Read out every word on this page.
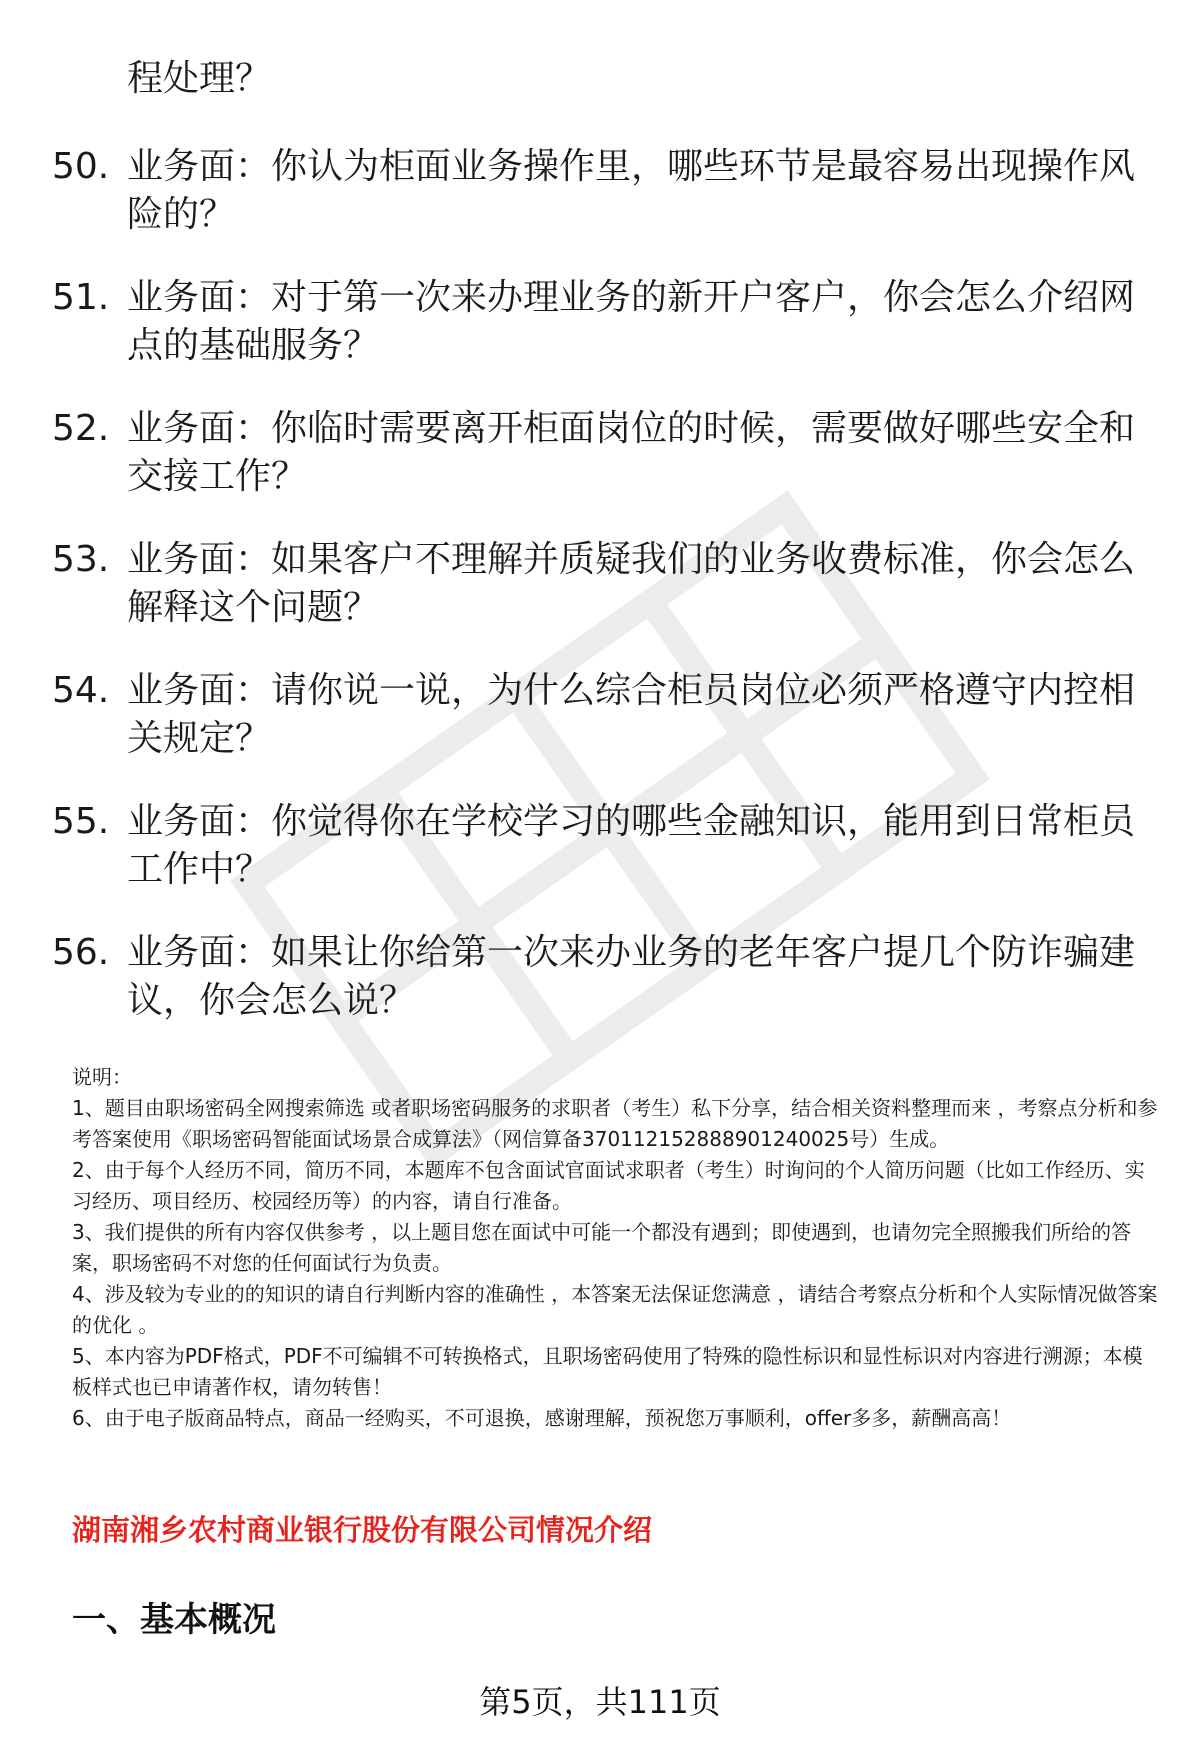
程处理？

50. 业务面：你认为柜面业务操作里，哪些环节是最容易出现操作风险的？
51. 业务面：对于第一次来办理业务的新开户客户，你会怎么介绍网点的基础服务？
52. 业务面：你临时需要离开柜面岗位的时候，需要做好哪些安全和交接工作？
53. 业务面：如果客户不理解并质疑我们的业务收费标准，你会怎么解释这个问题？
54. 业务面：请你说一说，为什么综合柜员岗位必须严格遵守内控相关规定？
55. 业务面：你觉得你在学校学习的哪些金融知识，能用到日常柜员工作中？
56. 业务面：如果让你给第一次来办业务的老年客户提几个防诈骗建议，你会怎么说？

说明：

1、题目由职场密码全网搜索筛选 或者职场密码服务的求职者（考生）私下分享，结合相关资料整理而来 ，考察点分析和参考答案使用《职场密码智能面试场景合成算法》（网信算备370112152888901240025号）生成。

2、由于每个人经历不同，简历不同，本题库不包含面试官面试求职者（考生）时询问的个人简历问题（比如工作经历、实习经历、项目经历、校园经历等）的内容，请自行准备。

3、我们提供的所有内容仅供参考 ，以上题目您在面试中可能一个都没有遇到；即使遇到，也请勿完全照搬我们所给的答案，职场密码不对您的任何面试行为负责。

4、涉及较为专业的的知识的请自行判断内容的准确性 ，本答案无法保证您满意 ，请结合考察点分析和个人实际情况做答案的优化 。

5、本内容为PDF格式，PDF不可编辑不可转换格式，且职场密码使用了特殊的隐性标识和显性标识对内容进行溯源；本模板样式也已申请著作权，请勿转售！

6、由于电子版商品特点，商品一经购买，不可退换，感谢理解，预祝您万事顺利，offer多多，薪酬高高！

湖南湘乡农村商业银行股份有限公司情况介绍
一、基本概况
第5页，共111页
